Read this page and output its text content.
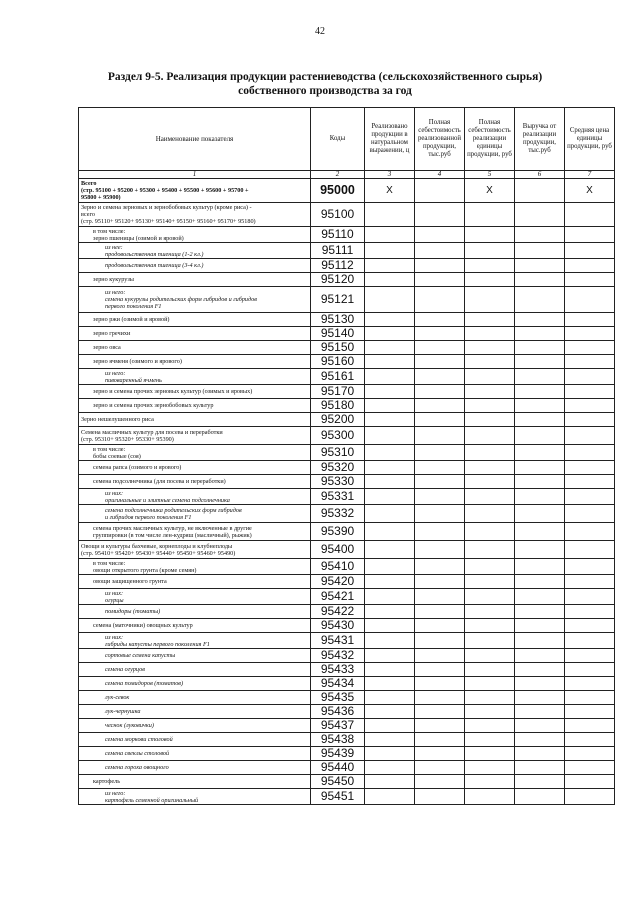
42
Раздел 9-5. Реализация продукции растениеводства (сельскохозяйственного сырья)
собственного производства за год
Наименование показателя	Коды	Реализовано продукции в натуральном выражении, ц	Полная себестоимость реализованной продукции, тыс.руб	Полная себестоимость реализации единицы продукции, руб	Выручка от реализации продукции, тыс.руб	Средняя цена единицы продукции, руб
1	2	3	4	5	6	7

Всего
(стр. 95100 + 95200 + 95300 + 95400 + 95500 + 95600 + 95700 +
95800 + 95900)	95000	Х		Х		Х

Зерно и семена зерновых и зернобобовых культур (кроме риса) -
всего
(стр. 95110+ 95120+ 95130+ 95140+ 95150+ 95160+ 95170+ 95180)	95100					

в том числе:
зерно пшеницы (озимой и яровой)	95110					

из нее:
продовольственная пшеница (1-2 кл.)	95111					

продовольственная пшеница (3-4 кл.)	95112					

зерно кукурузы	95120					

из него:
семена кукурузы родительских форм гибридов и гибридов
первого поколения F1	95121					

зерно ржи (озимой и яровой)	95130					

зерно гречихи	95140					

зерно овса	95150					

зерно ячменя (озимого и ярового)	95160					

из него:
пивоваренный ячмень	95161					

зерно и семена прочих зерновых культур (озимых и яровых)	95170					

зерно и семена прочих зернобобовых культур	95180					

Зерно нешелушенного риса	95200					

Семена масличных культур для посева и переработки
(стр. 95310+ 95320+ 95330+ 95390)	95300					

в том числе:
бобы соевые (соя)	95310					

семена рапса (озимого и ярового)	95320					

семена подсолнечника (для посева и переработки)	95330					

из них:
оригинальные и элитные семена подсолнечника	95331					

семена подсолнечника родительских форм гибридов
и гибридов первого поколения F1	95332					

семена прочих масличных культур, не включенные в другие
группировки (в том числе лен-кудряш (масличный), рыжик)	95390					

Овощи и культуры бахчевые, корнеплоды и клубнеплоды
(стр. 95410+ 95420+ 95430+ 95440+ 95450+ 95460+ 95490)	95400					

в том числе:
овощи открытого грунта (кроме семян)	95410					

овощи защищенного грунта	95420					

из них:
огурцы	95421					

помидоры (томаты)	95422					

семена (маточники) овощных культур	95430					

из них:
гибриды капусты первого поколения F1	95431					

сортовые семена капусты	95432					

семена огурцов	95433					

семена помидоров (томатов)	95434					

лук-севок	95435					

лук-чернушка	95436					

чеснок (луковички)	95437					

семена моркови столовой	95438					

семена свеклы столовой	95439					

семена гороха овощного	95440					

картофель	95450					

из него:
картофель семенной оригинальный	95451					
